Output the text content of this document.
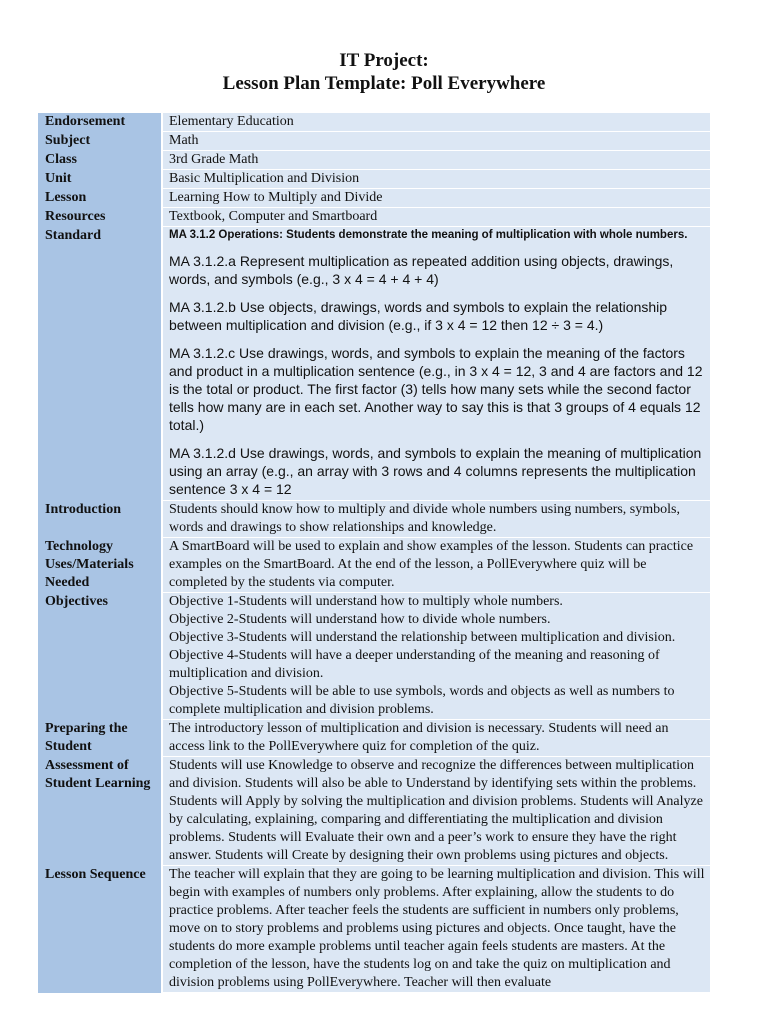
IT Project:
Lesson Plan Template: Poll Everywhere
Endorsement	Elementary Education
Subject	Math
Class	3rd Grade Math
Unit	Basic Multiplication and Division
Lesson	Learning How to Multiply and Divide
Resources	Textbook, Computer and Smartboard
Standard	MA 3.1.2 Operations: Students demonstrate the meaning of multiplication with whole numbers.

MA 3.1.2.a Represent multiplication as repeated addition using objects, drawings, words, and symbols (e.g., 3 x 4 = 4 + 4 + 4)

MA 3.1.2.b Use objects, drawings, words and symbols to explain the relationship between multiplication and division (e.g., if 3 x 4 = 12 then 12 ÷ 3 = 4.)

MA 3.1.2.c Use drawings, words, and symbols to explain the meaning of the factors and product in a multiplication sentence (e.g., in 3 x 4 = 12, 3 and 4 are factors and 12 is the total or product. The first factor (3) tells how many sets while the second factor tells how many are in each set. Another way to say this is that 3 groups of 4 equals 12 total.)

MA 3.1.2.d Use drawings, words, and symbols to explain the meaning of multiplication using an array (e.g., an array with 3 rows and 4 columns represents the multiplication sentence 3 x 4 = 12

Introduction	Students should know how to multiply and divide whole numbers using numbers, symbols, words and drawings to show relationships and knowledge.
Technology Uses/Materials Needed	A SmartBoard will be used to explain and show examples of the lesson. Students can practice examples on the SmartBoard. At the end of the lesson, a PollEverywhere quiz will be completed by the students via computer.
Objectives	Objective 1-Students will understand how to multiply whole numbers.

Objective 2-Students will understand how to divide whole numbers.

Objective 3-Students will understand the relationship between multiplication and division.

Objective 4-Students will have a deeper understanding of the meaning and reasoning of multiplication and division.

Objective 5-Students will be able to use symbols, words and objects as well as numbers to complete multiplication and division problems.

Preparing the Student	The introductory lesson of multiplication and division is necessary. Students will need an access link to the PollEverywhere quiz for completion of the quiz.
Assessment of Student Learning	Students will use Knowledge to observe and recognize the differences between multiplication and division. Students will also be able to Understand by identifying sets within the problems. Students will Apply by solving the multiplication and division problems. Students will Analyze by calculating, explaining, comparing and differentiating the multiplication and division problems. Students will Evaluate their own and a peer’s work to ensure they have the right answer. Students will Create by designing their own problems using pictures and objects.
Lesson Sequence	The teacher will explain that they are going to be learning multiplication and division. This will begin with examples of numbers only problems. After explaining, allow the students to do practice problems. After teacher feels the students are sufficient in numbers only problems, move on to story problems and problems using pictures and objects. Once taught, have the students do more example problems until teacher again feels students are masters. At the completion of the lesson, have the students log on and take the quiz on multiplication and division problems using PollEverywhere. Teacher will then evaluate
